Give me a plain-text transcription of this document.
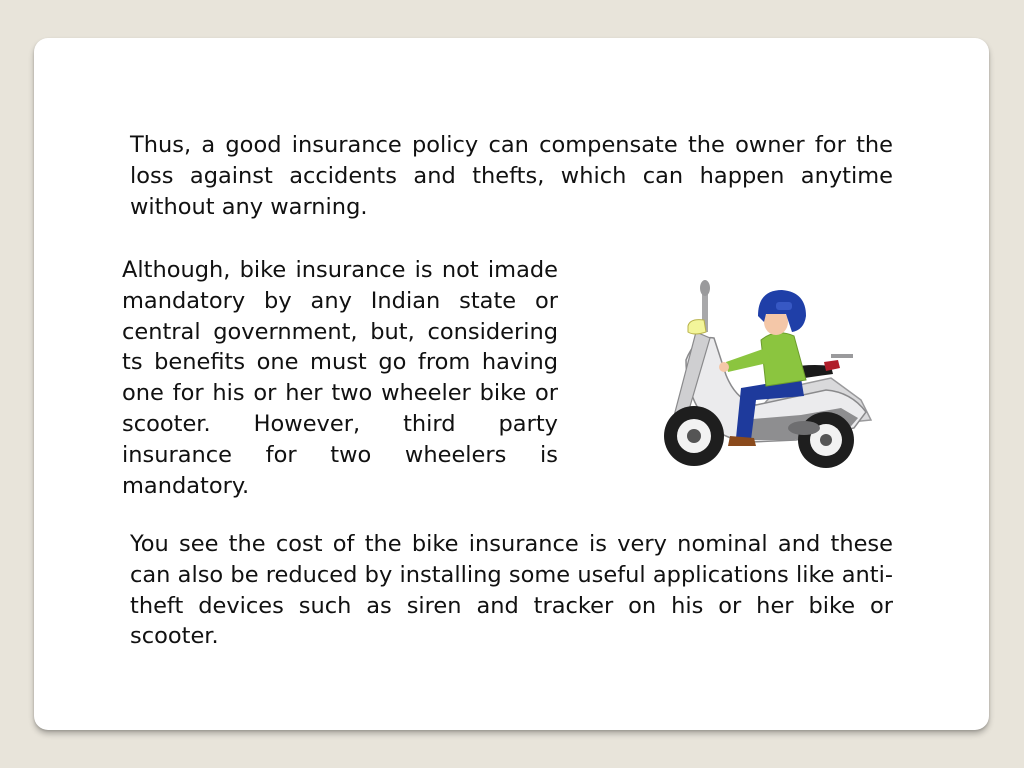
Thus, a good insurance policy can compensate the owner for the loss against accidents and thefts, which can happen anytime without any warning.

Although, bike insurance is not imade mandatory by any Indian state or central government, but, considering ts benefits one must go from having one for his or her two wheeler bike or scooter. However, third party insurance for two wheelers is mandatory.

You see the cost of the bike insurance is very nominal and these can also be reduced by installing some useful applications like anti-theft devices such as siren and tracker on his or her bike or scooter.
